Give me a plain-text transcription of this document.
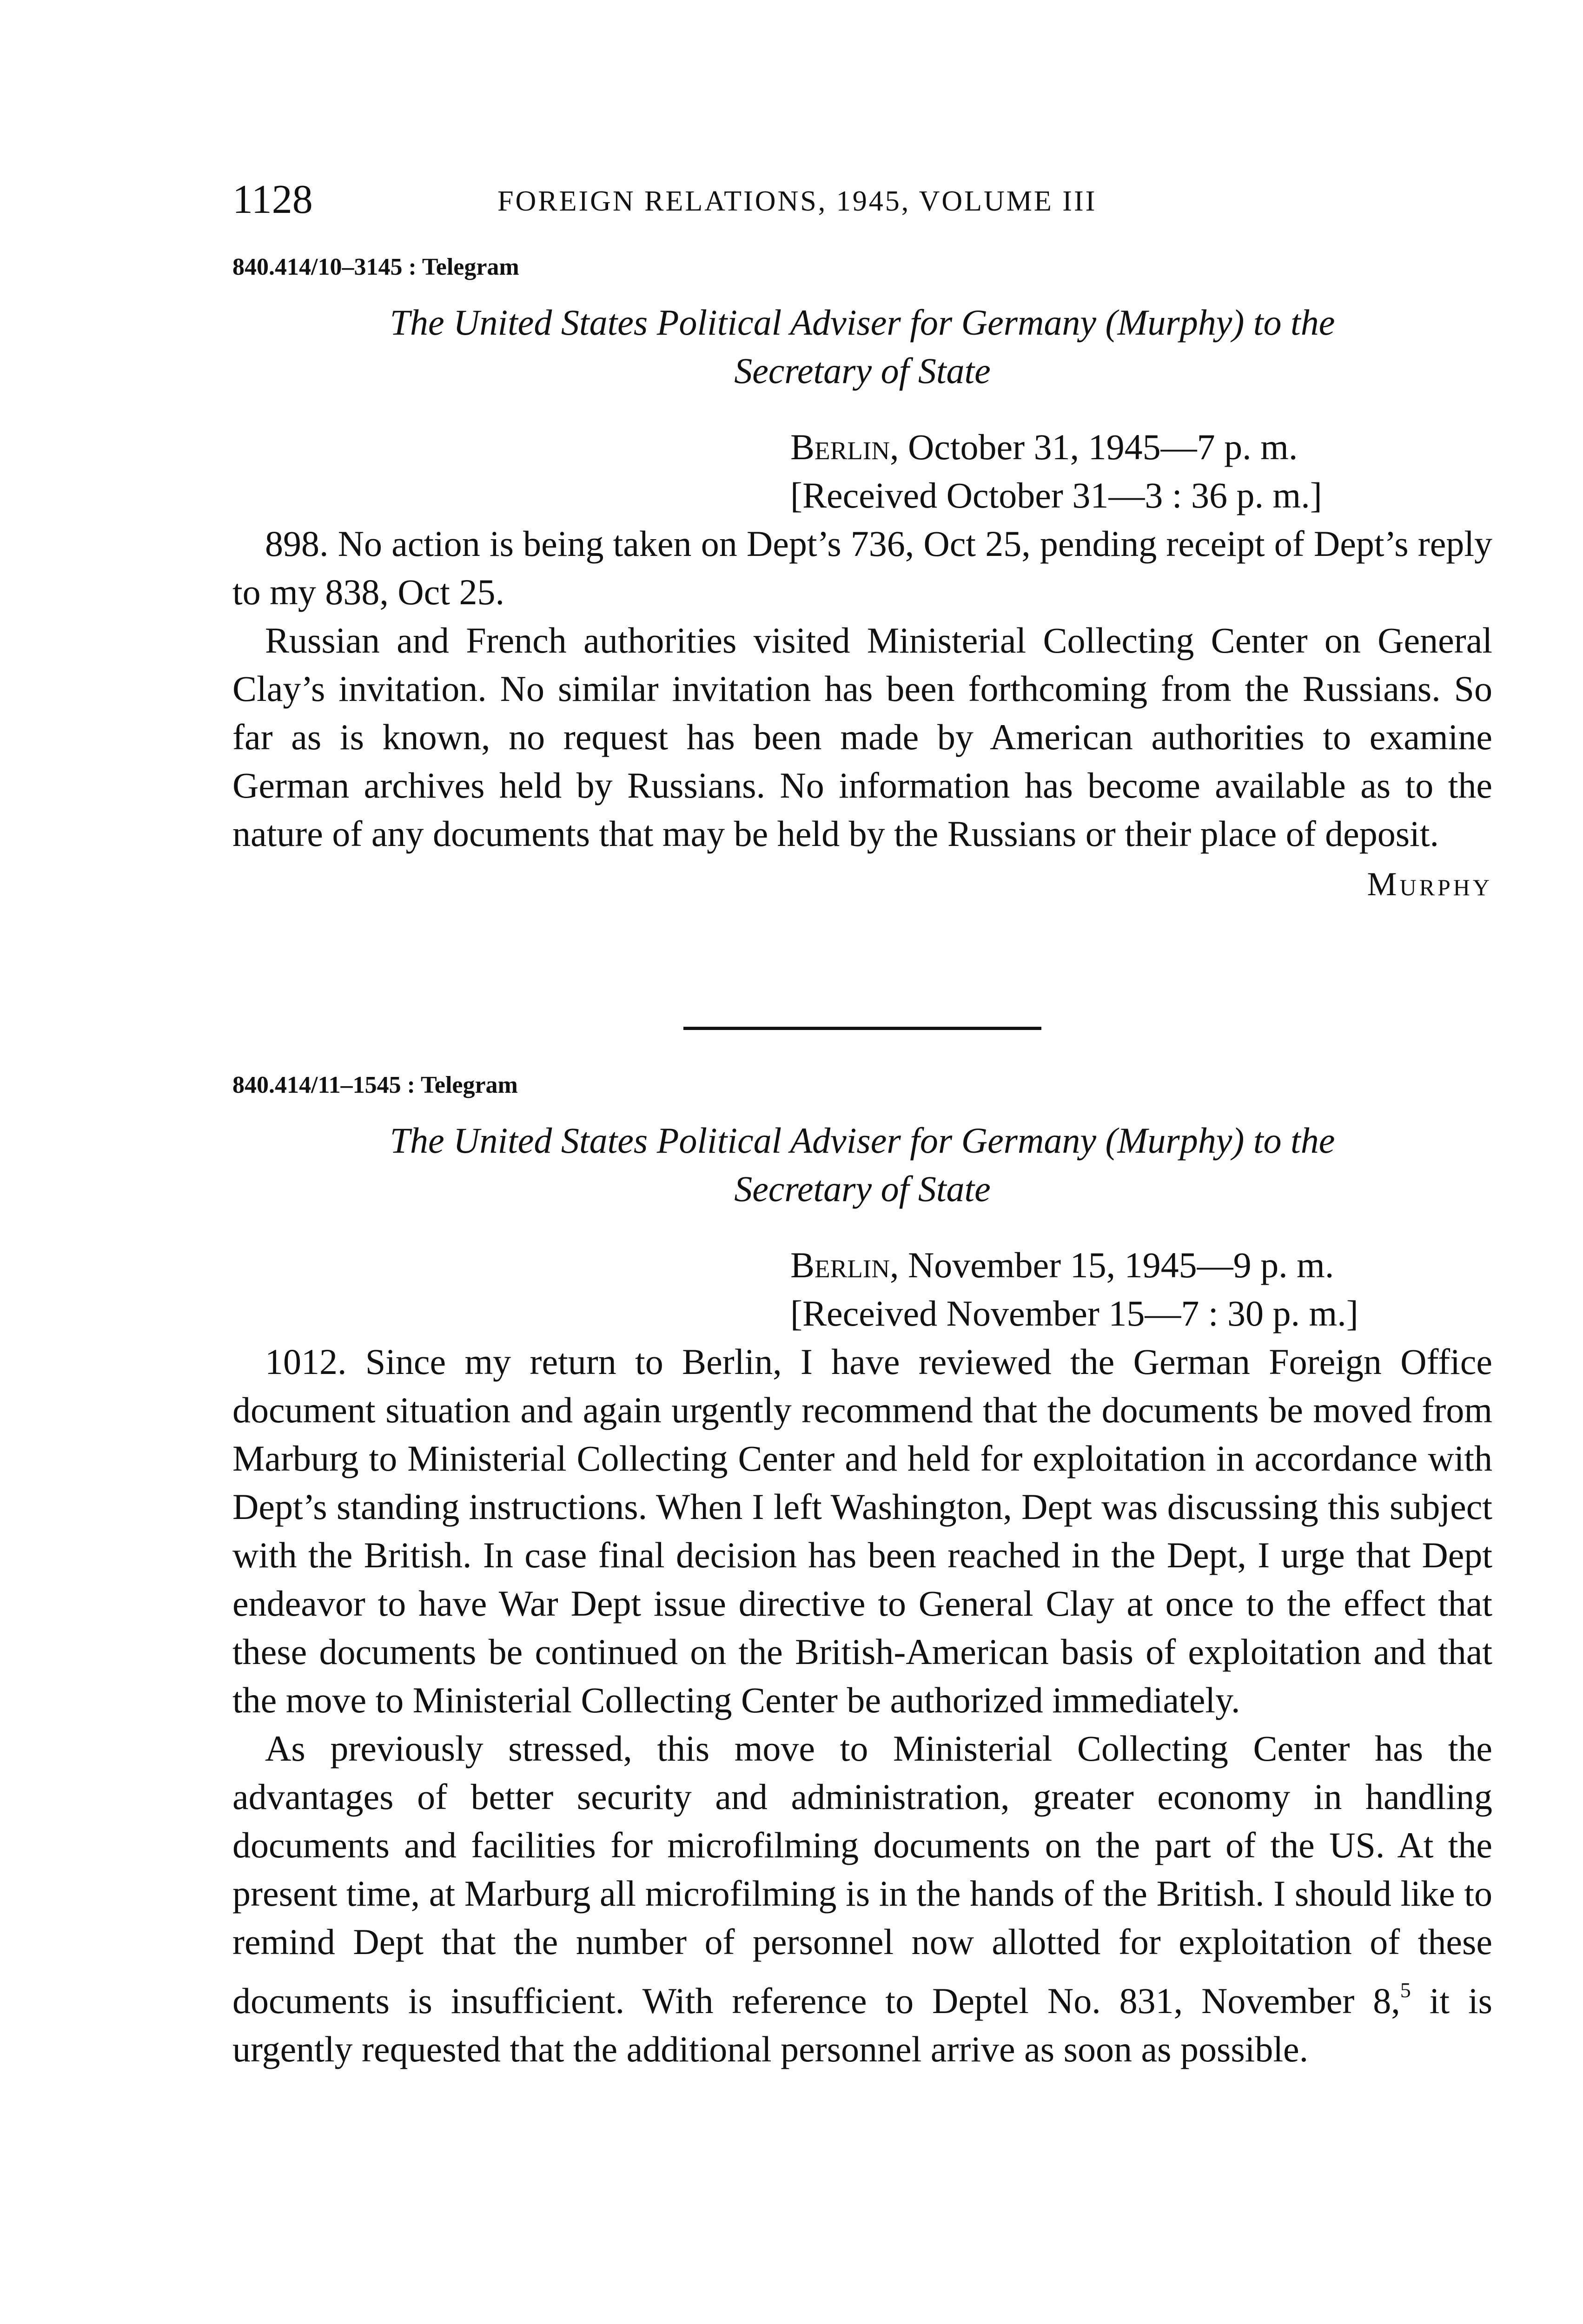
1128	FOREIGN RELATIONS, 1945, VOLUME III

840.414/10–3145 : Telegram

The United States Political Adviser for Germany (Murphy) to the
Secretary of State

Berlin, October 31, 1945—7 p. m.
[Received October 31—3 : 36 p. m.]

898. No action is being taken on Dept’s 736, Oct 25, pending receipt of Dept’s reply to my 838, Oct 25.

Russian and French authorities visited Ministerial Collecting Center on General Clay’s invitation. No similar invitation has been forthcoming from the Russians. So far as is known, no request has been made by American authorities to examine German archives held by Russians. No information has become available as to the nature of any documents that may be held by the Russians or their place of deposit.

Murphy

840.414/11–1545 : Telegram

The United States Political Adviser for Germany (Murphy) to the
Secretary of State

Berlin, November 15, 1945—9 p. m.
[Received November 15—7 : 30 p. m.]

1012. Since my return to Berlin, I have reviewed the German Foreign Office document situation and again urgently recommend that the documents be moved from Marburg to Ministerial Collecting Center and held for exploitation in accordance with Dept’s standing instructions. When I left Washington, Dept was discussing this subject with the British. In case final decision has been reached in the Dept, I urge that Dept endeavor to have War Dept issue directive to General Clay at once to the effect that these documents be continued on the British-American basis of exploitation and that the move to Ministerial Collecting Center be authorized immediately.

As previously stressed, this move to Ministerial Collecting Center has the advantages of better security and administration, greater economy in handling documents and facilities for microfilming documents on the part of the US. At the present time, at Marburg all microfilming is in the hands of the British. I should like to remind Dept that the number of personnel now allotted for exploitation of these documents is insufficient. With reference to Deptel No. 831, November 8,$^5$ it is urgently requested that the additional personnel arrive as soon as possible.
